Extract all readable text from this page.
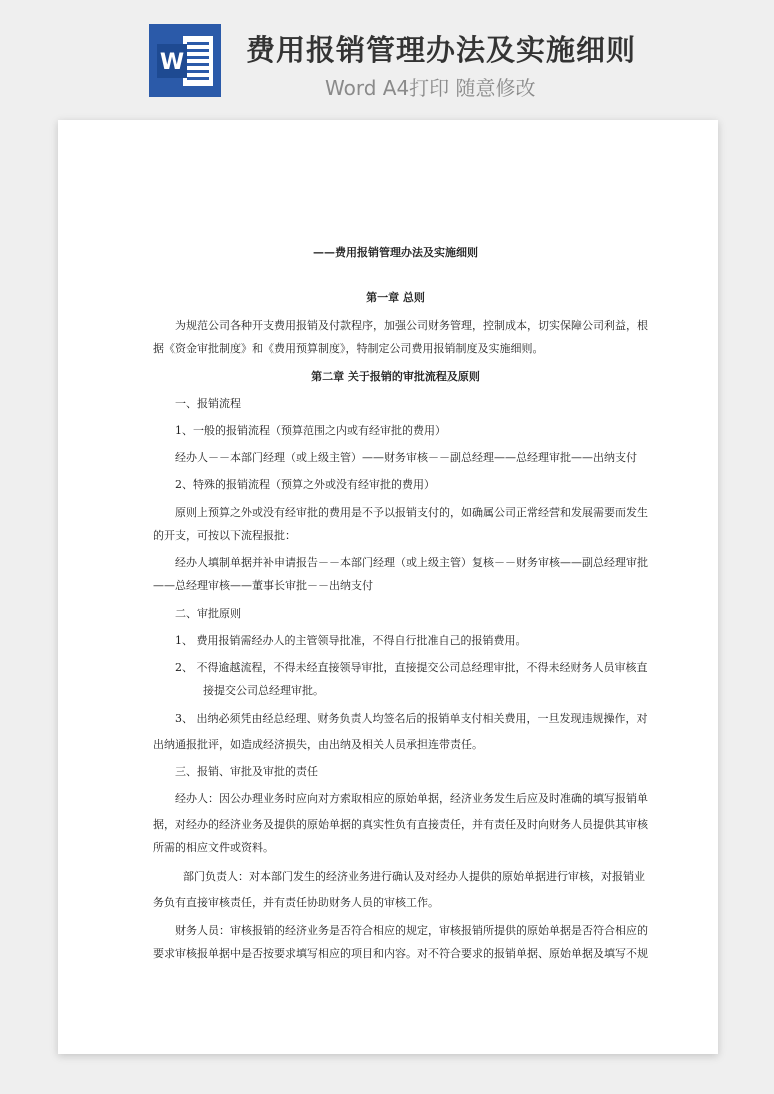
W 费用报销管理办法及实施细则
Word A4打印 随意修改
——费用报销管理办法及实施细则
第一章 总则
为规范公司各种开支费用报销及付款程序，加强公司财务管理，控制成本，切实保障公司利益，根
据《资金审批制度》和《费用预算制度》，特制定公司费用报销制度及实施细则。
第二章 关于报销的审批流程及原则
一、报销流程
1、一般的报销流程（预算范围之内或有经审批的费用）
经办人－－本部门经理（或上级主管）——财务审核－－副总经理——总经理审批——出纳支付
2、特殊的报销流程（预算之外或没有经审批的费用）
原则上预算之外或没有经审批的费用是不予以报销支付的，如确属公司正常经营和发展需要而发生
的开支，可按以下流程报批：
经办人填制单据并补申请报告－－本部门经理（或上级主管）复核－－财务审核——副总经理审批
——总经理审核——董事长审批－－出纳支付
二、审批原则
1、 费用报销需经办人的主管领导批准，不得自行批准自己的报销费用。
2、 不得逾越流程，不得未经直接领导审批，直接提交公司总经理审批，不得未经财务人员审核直
接提交公司总经理审批。
3、 出纳必须凭由经总经理、财务负责人均签名后的报销单支付相关费用，一旦发现违规操作，对
出纳通报批评，如造成经济损失，由出纳及相关人员承担连带责任。
三、报销、审批及审批的责任
经办人：因公办理业务时应向对方索取相应的原始单据，经济业务发生后应及时准确的填写报销单
据，对经办的经济业务及提供的原始单据的真实性负有直接责任，并有责任及时向财务人员提供其审核
所需的相应文件或资料。
部门负责人：对本部门发生的经济业务进行确认及对经办人提供的原始单据进行审核，对报销业
务负有直接审核责任，并有责任协助财务人员的审核工作。
财务人员：审核报销的经济业务是否符合相应的规定，审核报销所提供的原始单据是否符合相应的
要求审核报单据中是否按要求填写相应的项目和内容。对不符合要求的报销单据、原始单据及填写不规
